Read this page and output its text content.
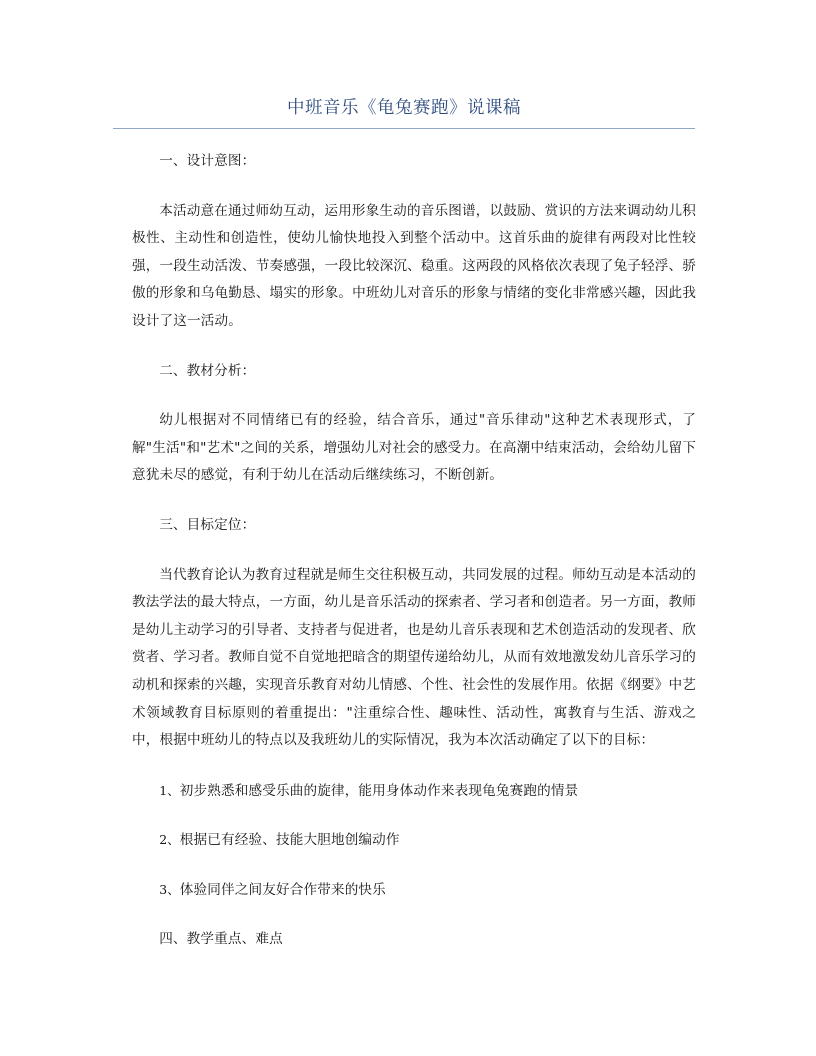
中班音乐《龟兔赛跑》说课稿
一、设计意图：
本活动意在通过师幼互动，运用形象生动的音乐图谱，以鼓励、赏识的方法来调动幼儿积极性、主动性和创造性，使幼儿愉快地投入到整个活动中。这首乐曲的旋律有两段对比性较强，一段生动活泼、节奏感强，一段比较深沉、稳重。这两段的风格依次表现了兔子轻浮、骄傲的形象和乌龟勤恳、塌实的形象。中班幼儿对音乐的形象与情绪的变化非常感兴趣，因此我设计了这一活动。
二、教材分析：
幼儿根据对不同情绪已有的经验，结合音乐，通过"音乐律动"这种艺术表现形式，了解"生活"和"艺术"之间的关系，增强幼儿对社会的感受力。在高潮中结束活动，会给幼儿留下意犹未尽的感觉，有利于幼儿在活动后继续练习，不断创新。
三、目标定位：
当代教育论认为教育过程就是师生交往积极互动，共同发展的过程。师幼互动是本活动的教法学法的最大特点，一方面，幼儿是音乐活动的探索者、学习者和创造者。另一方面，教师是幼儿主动学习的引导者、支持者与促进者，也是幼儿音乐表现和艺术创造活动的发现者、欣赏者、学习者。教师自觉不自觉地把暗含的期望传递给幼儿，从而有效地激发幼儿音乐学习的动机和探索的兴趣，实现音乐教育对幼儿情感、个性、社会性的发展作用。依据《纲要》中艺术领域教育目标原则的着重提出："注重综合性、趣味性、活动性，寓教育与生活、游戏之中，根据中班幼儿的特点以及我班幼儿的实际情况，我为本次活动确定了以下的目标：
1、初步熟悉和感受乐曲的旋律，能用身体动作来表现龟兔赛跑的情景
2、根据已有经验、技能大胆地创编动作
3、体验同伴之间友好合作带来的快乐
四、教学重点、难点
